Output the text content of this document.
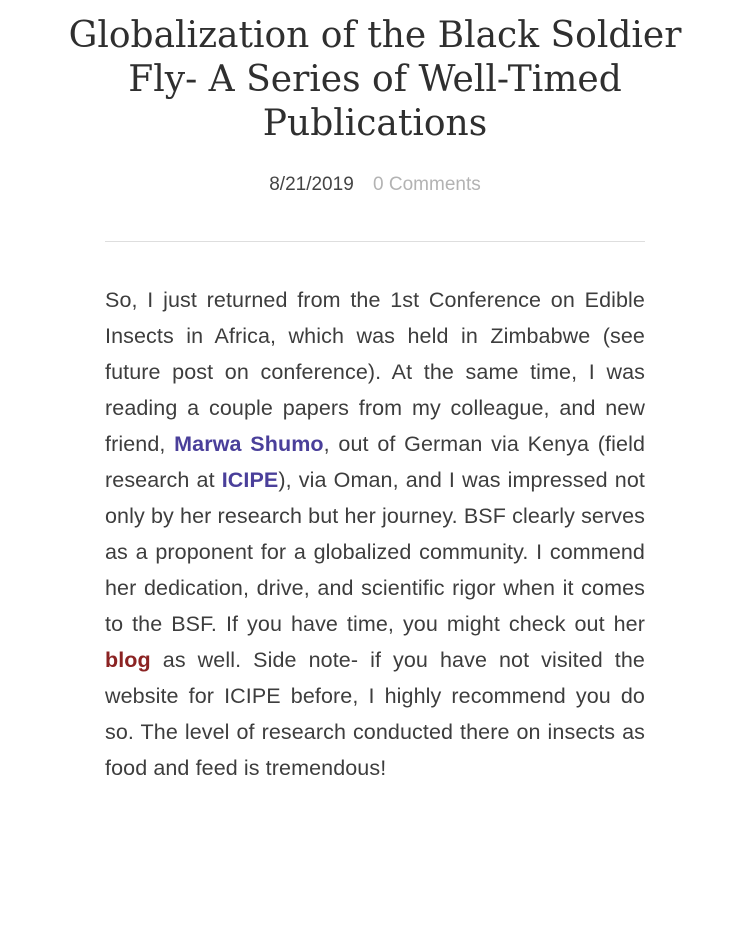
Globalization of the Black Soldier Fly- A Series of Well-Timed Publications
8/21/2019 0 Comments

So, I just returned from the 1st Conference on Edible Insects in Africa, which was held in Zimbabwe (see future post on conference). At the same time, I was reading a couple papers from my colleague, and new friend, Marwa Shumo, out of German via Kenya (field research at ICIPE), via Oman, and I was impressed not only by her research but her journey. BSF clearly serves as a proponent for a globalized community. I commend her dedication, drive, and scientific rigor when it comes to the BSF. If you have time, you might check out her blog as well. Side note- if you have not visited the website for ICIPE before, I highly recommend you do so. The level of research conducted there on insects as food and feed is tremendous!
